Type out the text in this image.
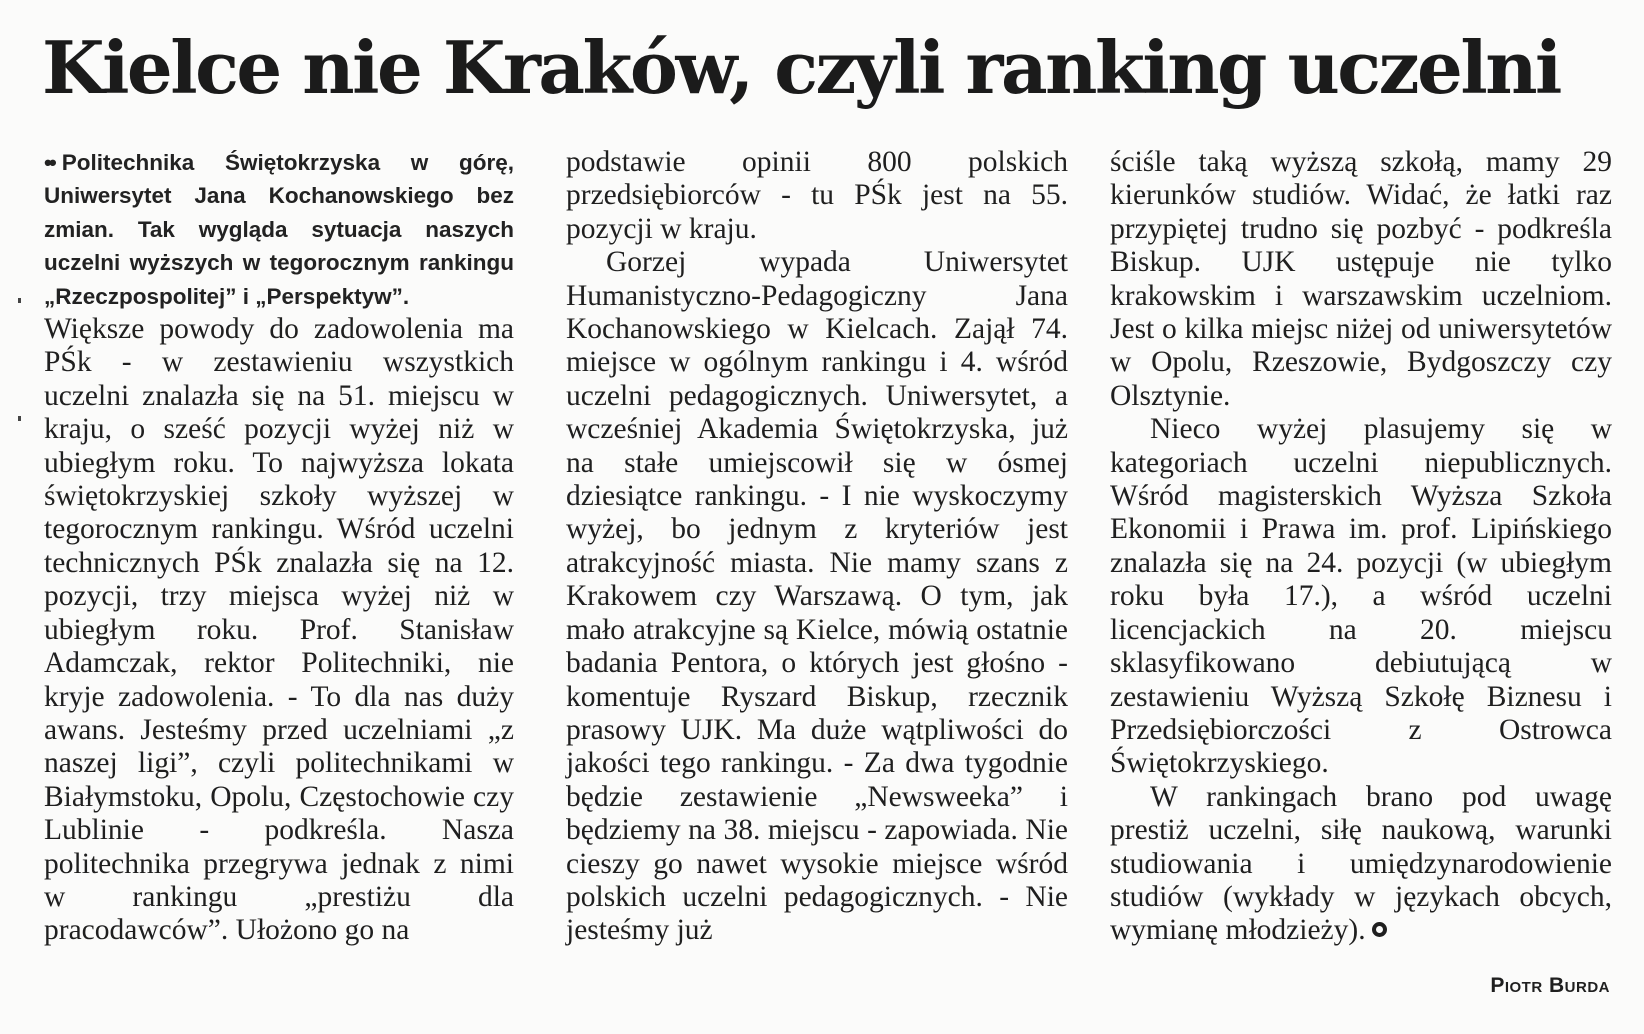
Kielce nie Kraków, czyli ranking uczelni

•• Politechnika Świętokrzyska w górę, Uniwersytet Jana Kochanowskiego bez zmian. Tak wygląda sytuacja naszych uczelni wyższych w tegorocznym rankingu „Rzeczpospolitej” i „Perspektyw”.

Większe powody do zadowolenia ma PŚk - w zestawieniu wszystkich uczelni znalazła się na 51. miejscu w kraju, o sześć pozycji wyżej niż w ubiegłym roku. To najwyższa lokata świętokrzyskiej szkoły wyższej w tegorocznym rankingu. Wśród uczelni technicznych PŚk znalazła się na 12. pozycji, trzy miejsca wyżej niż w ubiegłym roku. Prof. Stanisław Adamczak, rektor Politechniki, nie kryje zadowolenia. - To dla nas duży awans. Jesteśmy przed uczelniami „z naszej ligi”, czyli politechnikami w Białymstoku, Opolu, Częstochowie czy Lublinie - podkreśla. Nasza politechnika przegrywa jednak z nimi w rankingu „prestiżu dla pracodawców”. Ułożono go na

podstawie opinii 800 polskich przedsiębiorców - tu PŚk jest na 55. pozycji w kraju.

Gorzej wypada Uniwersytet Humanistyczno-Pedagogiczny Jana Kochanowskiego w Kielcach. Zajął 74. miejsce w ogólnym rankingu i 4. wśród uczelni pedagogicznych. Uniwersytet, a wcześniej Akademia Świętokrzyska, już na stałe umiejscowił się w ósmej dziesiątce rankingu. - I nie wyskoczymy wyżej, bo jednym z kryteriów jest atrakcyjność miasta. Nie mamy szans z Krakowem czy Warszawą. O tym, jak mało atrakcyjne są Kielce, mówią ostatnie badania Pentora, o których jest głośno - komentuje Ryszard Biskup, rzecznik prasowy UJK. Ma duże wątpliwości do jakości tego rankingu. - Za dwa tygodnie będzie zestawienie „Newsweeka” i będziemy na 38. miejscu - zapowiada. Nie cieszy go nawet wysokie miejsce wśród polskich uczelni pedagogicznych. - Nie jesteśmy już

ściśle taką wyższą szkołą, mamy 29 kierunków studiów. Widać, że łatki raz przypiętej trudno się pozbyć - podkreśla Biskup. UJK ustępuje nie tylko krakowskim i warszawskim uczelniom. Jest o kilka miejsc niżej od uniwersytetów w Opolu, Rzeszowie, Bydgoszczy czy Olsztynie.

Nieco wyżej plasujemy się w kategoriach uczelni niepublicznych. Wśród magisterskich Wyższa Szkoła Ekonomii i Prawa im. prof. Lipińskiego znalazła się na 24. pozycji (w ubiegłym roku była 17.), a wśród uczelni licencjackich na 20. miejscu sklasyfikowano debiutującą w zestawieniu Wyższą Szkołę Biznesu i Przedsiębiorczości z Ostrowca Świętokrzyskiego.

W rankingach brano pod uwagę prestiż uczelni, siłę naukową, warunki studiowania i umiędzynarodowienie studiów (wykłady w językach obcych, wymianę młodzieży).

Piotr Burda
